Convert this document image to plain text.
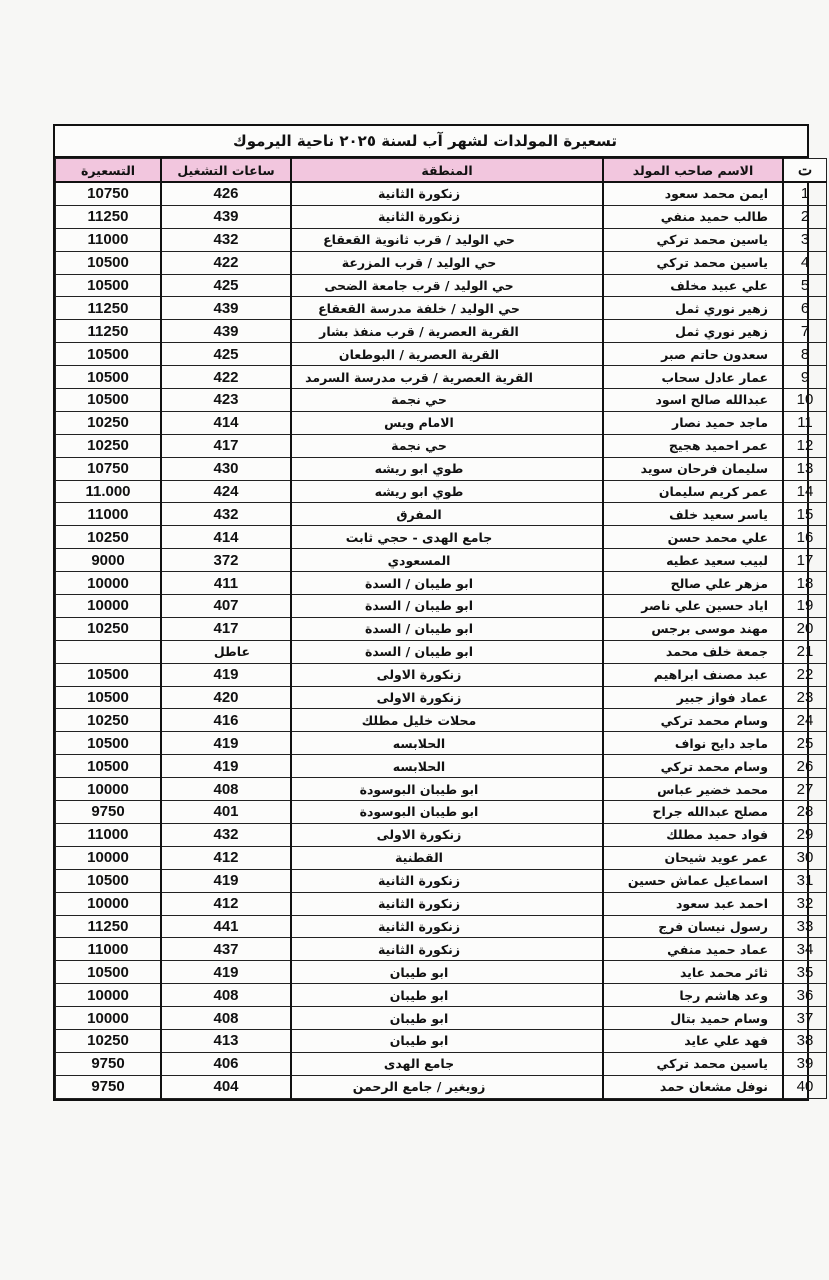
تسعيرة المولدات لشهر آب لسنة ٢٠٢٥ ناحية اليرموك
ت	الاسم صاحب المولد	المنطقة	ساعات التشغيل	التسعيرة
1	ايمن محمد سعود	زنكورة الثانية	426	10750
2	طالب حميد منفي	زنكورة الثانية	439	11250
3	ياسين محمد تركي	حي الوليد / قرب ثانوية القعقاع	432	11000
4	ياسين محمد تركي	حي الوليد / قرب المزرعة	422	10500
5	علي عبيد مخلف	حي الوليد / قرب جامعة الضحى	425	10500
6	زهير نوري ثمل	حي الوليد / خلفة مدرسة القعقاع	439	11250
7	زهير نوري ثمل	القرية العصرية / قرب منفذ بشار	439	11250
8	سعدون حاتم صبر	القرية العصرية / البوطعان	425	10500
9	عمار عادل سحاب	القرية العصرية / قرب مدرسة السرمد	422	10500
10	عبدالله صالح اسود	حي نجمة	423	10500
11	ماجد حميد نصار	الامام ويس	414	10250
12	عمر احميد هجيج	حي نجمة	417	10250
13	سليمان فرحان سويد	طوي ابو ريشه	430	10750
14	عمر كريم سليمان	طوي ابو ريشه	424	11.000
15	ياسر سعيد خلف	المفرق	432	11000
16	علي محمد حسن	جامع الهدى - حجي ثابت	414	10250
17	لبيب سعيد عطيه	المسعودي	372	9000
18	مزهر علي صالح	ابو طيبان / السدة	411	10000
19	اياد حسين علي ناصر	ابو طيبان / السدة	407	10000
20	مهند موسى برجس	ابو طيبان / السدة	417	10250
21	جمعة خلف محمد	ابو طيبان / السدة	عاطل	
22	عبد مصنف ابراهيم	زنكورة الاولى	419	10500
23	عماد فواز جبير	زنكورة الاولى	420	10500
24	وسام محمد تركي	محلات خليل مطلك	416	10250
25	ماجد دايح نواف	الحلابسه	419	10500
26	وسام محمد تركي	الحلابسه	419	10500
27	محمد خضير عباس	ابو طيبان البوسودة	408	10000
28	مصلح عبدالله جراح	ابو طيبان البوسودة	401	9750
29	فواد حميد مطلك	زنكورة الاولى	432	11000
30	عمر عويد شيحان	القطنية	412	10000
31	اسماعيل عماش حسين	زنكورة الثانية	419	10500
32	احمد عبد سعود	زنكورة الثانية	412	10000
33	رسول نيسان فرج	زنكورة الثانية	441	11250
34	عماد حميد منفي	زنكورة الثانية	437	11000
35	ثائر محمد عايد	ابو طيبان	419	10500
36	وعد هاشم رجا	ابو طيبان	408	10000
37	وسام حميد بتال	ابو طيبان	408	10000
38	فهد علي عايد	ابو طيبان	413	10250
39	ياسين محمد تركي	جامع الهدى	406	9750
40	نوفل مشعان حمد	زويغير / جامع الرحمن	404	9750
